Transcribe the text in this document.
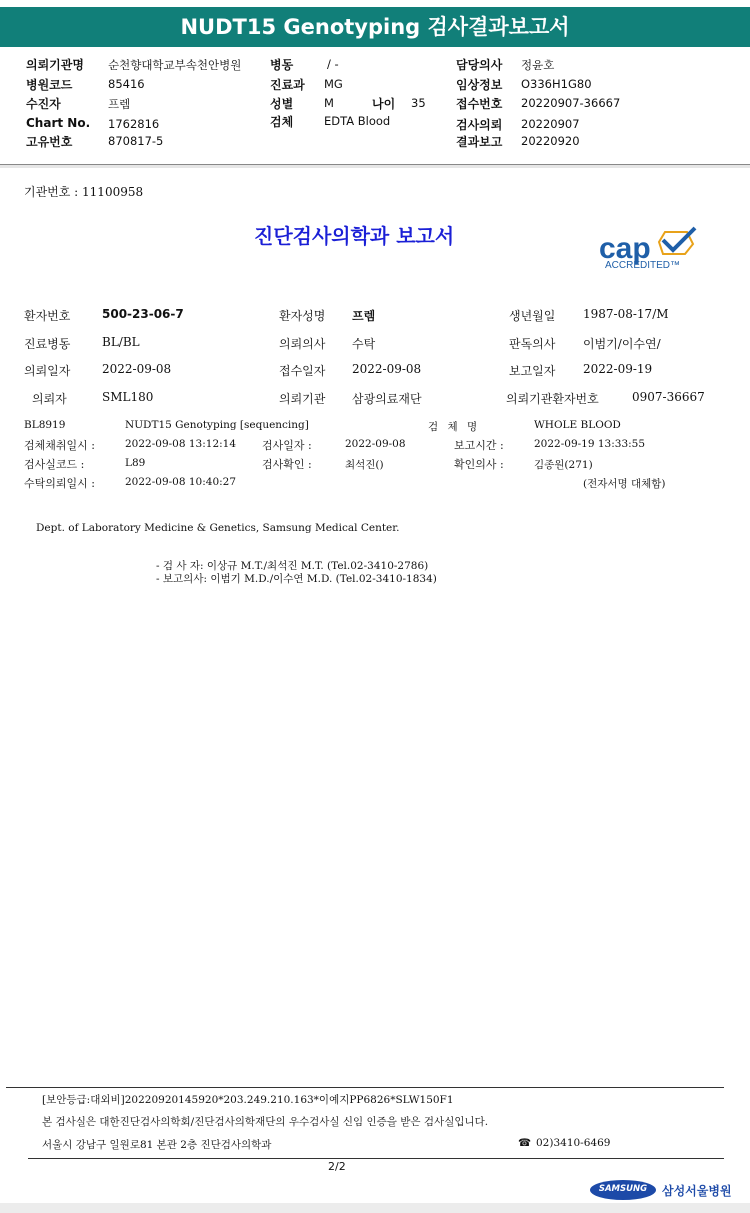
NUDT15 Genotyping 검사결과보고서
의뢰기관명 순천향대학교부속천안병원
병원코드	85416
수진자	프렘
Chart No. 1762816
고유번호	870817-5
병동	/ -
진료과 MG
성별	M	나이 35
검체	EDTA Blood
담당의사 정윤호
임상정보 O336H1G80
접수번호 20220907-36667
검사의뢰 20220907
결과보고 20220920
기관번호 : 11100958
진단검사의학과 보고서	cap
ACCREDITED™
환자번호	500-23-06-7	환자성명 프렘	생년월일 1987-08-17/M
진료병동	BL/BL	의뢰의사 수탁	판독의사 이범기/이수연/
의뢰일자	2022-09-08	접수일자 2022-09-08	보고일자 2022-09-19
의뢰자	SML180	의뢰기관 삼광의료재단	의뢰기관환자번호	0907-36667
BL8919	NUDT15 Genotyping [sequencing]	검 체 명	WHOLE BLOOD
검체채취일시 :	2022-09-08 13:12:14 검사일자 :	2022-09-08	보고시간 :	2022-09-19 13:33:55
검사실코드 :	L89	검사확인 :	최석진()	확인의사 :	김종원(271)
수탁의뢰일시 :	2022-09-08 10:40:27	(전자서명 대체함)
Dept. of Laboratory Medicine & Genetics, Samsung Medical Center.
- 검 사 자: 이상규 M.T./최석진 M.T. (Tel.02-3410-2786)
- 보고의사: 이범기 M.D./이수연 M.D. (Tel.02-3410-1834)
[보안등급:대외비]20220920145920*203.249.210.163*이예지PP6826*SLW150F1
본 검사실은 대한진단검사의학회/진단검사의학재단의 우수검사실 신임 인증을 받은 검사실입니다.
서울시 강남구 일원로81 본관 2층 진단검사의학과	☎ 02)3410-6469
2/2
SAMSUNG	삼성서울병원
